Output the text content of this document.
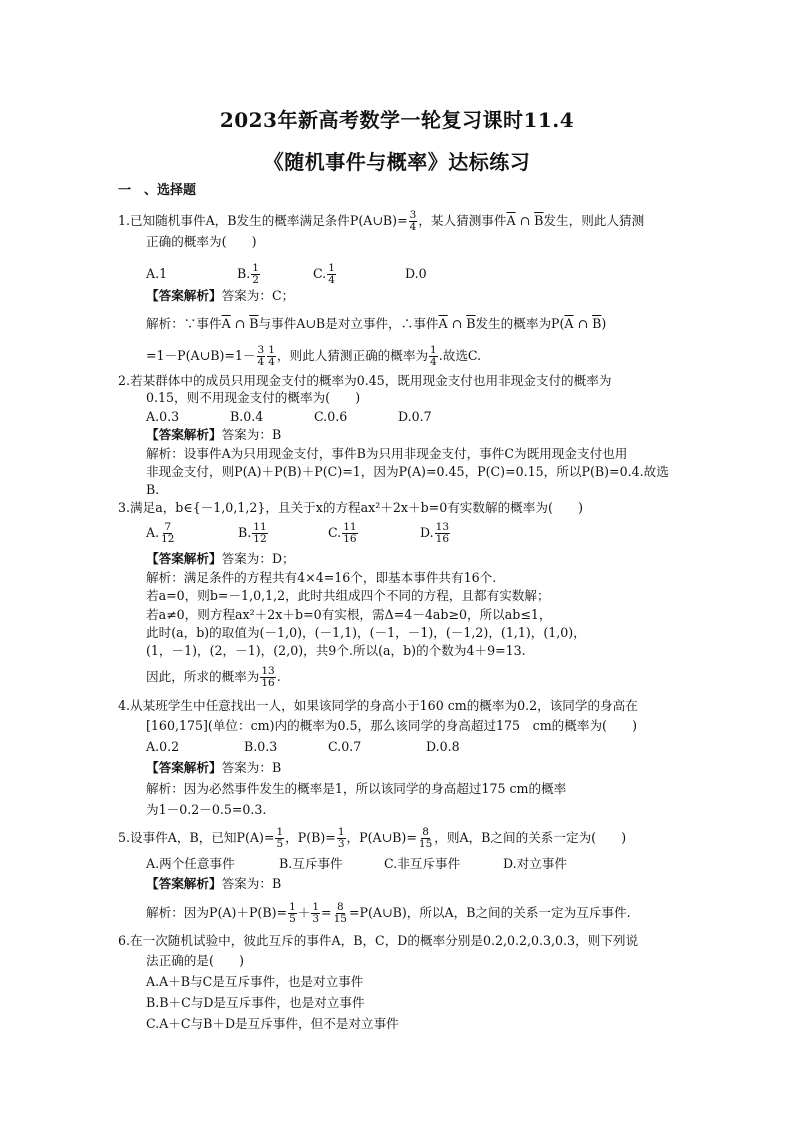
2023年新高考数学一轮复习课时11.4
《随机事件与概率》达标练习
一　、选择题
1.已知随机事件A，B发生的概率满足条件P(A∪B)= $\frac{3}{4}$ ，某人猜测事件$\overline{A}$ ∩ $\overline{B}$发生，则此人猜测
正确的概率为(　　)
A.1	B. $\frac{1}{2}$	C. $\frac{1}{4}$	D.0
【答案解析】答案为：C；
解析：∵事件$\overline{A}$ ∩ $\overline{B}$与事件A∪B是对立事件，∴事件$\overline{A}$ ∩ $\overline{B}$发生的概率为$P(\overline{A}$ ∩ $\overline{B}$)
=1－P(A∪B)=1－ $\frac{3}{4} \frac{1}{4}$ ，则此人猜测正确的概率为 $\frac{1}{4}$ .故选C.
2.若某群体中的成员只用现金支付的概率为0.45，既用现金支付也用非现金支付的概率为
0.15，则不用现金支付的概率为(　　)
A.0.3	B.0.4	C.0.6	D.0.7
【答案解析】答案为：B
解析：设事件A为只用现金支付，事件B为只用非现金支付，事件C为既用现金支付也用
非现金支付，则P(A)＋P(B)＋P(C)=1，因为P(A)=0.45，P(C)=0.15，所以P(B)=0.4.故选
B.
3.满足a，b∈{－1,0,1,2}，且关于x的方程ax²＋2x＋b=0有实数解的概率为(　　)
A. $\frac{7}{12}$	B. $\frac{11}{12}$	C. $\frac{11}{16}$	D. $\frac{13}{16}$
【答案解析】答案为：D；
解析：满足条件的方程共有4×4=16个，即基本事件共有16个.
若a=0，则b=－1,0,1,2，此时共组成四个不同的方程，且都有实数解；
若a≠0，则方程ax²＋2x＋b=0有实根，需Δ=4－4ab≥0，所以ab≤1，
此时(a，b)的取值为(－1,0)，(－1,1)，(－1，－1)，(－1,2)，(1,1)，(1,0)，
(1，－1)，(2，－1)，(2,0)，共9个.所以(a，b)的个数为4＋9=13.
因此，所求的概率为 $\frac{13}{16}$ .
4.从某班学生中任意找出一人，如果该同学的身高小于160 cm的概率为0.2，该同学的身高在
[160,175](单位：cm)内的概率为0.5，那么该同学的身高超过175　cm的概率为(　　)
A.0.2	B.0.3	C.0.7	D.0.8
【答案解析】答案为：B
解析：因为必然事件发生的概率是1，所以该同学的身高超过175 cm的概率
为1－0.2－0.5=0.3.
5.设事件A，B，已知$P(A)= \frac{1}{5}$ ，$P(B)= \frac{1}{3}$ ，P(A∪B)= $\frac{8}{15}$ ，则A，B之间的关系一定为(　　)
A.两个任意事件	B.互斥事件	C.非互斥事件	D.对立事件
【答案解析】答案为：B
解析：因为$P(A)+P(B)= \frac{1}{5} + \frac{1}{3} = \frac{8}{15}$ =P(A∪B)，所以A，B之间的关系一定为互斥事件.
6.在一次随机试验中，彼此互斥的事件A，B，C，D的概率分别是0.2,0.2,0.3,0.3，则下列说
法正确的是(　　)
A.A＋B与C是互斥事件，也是对立事件
B.B＋C与D是互斥事件，也是对立事件
C.A＋C与B＋D是互斥事件，但不是对立事件
